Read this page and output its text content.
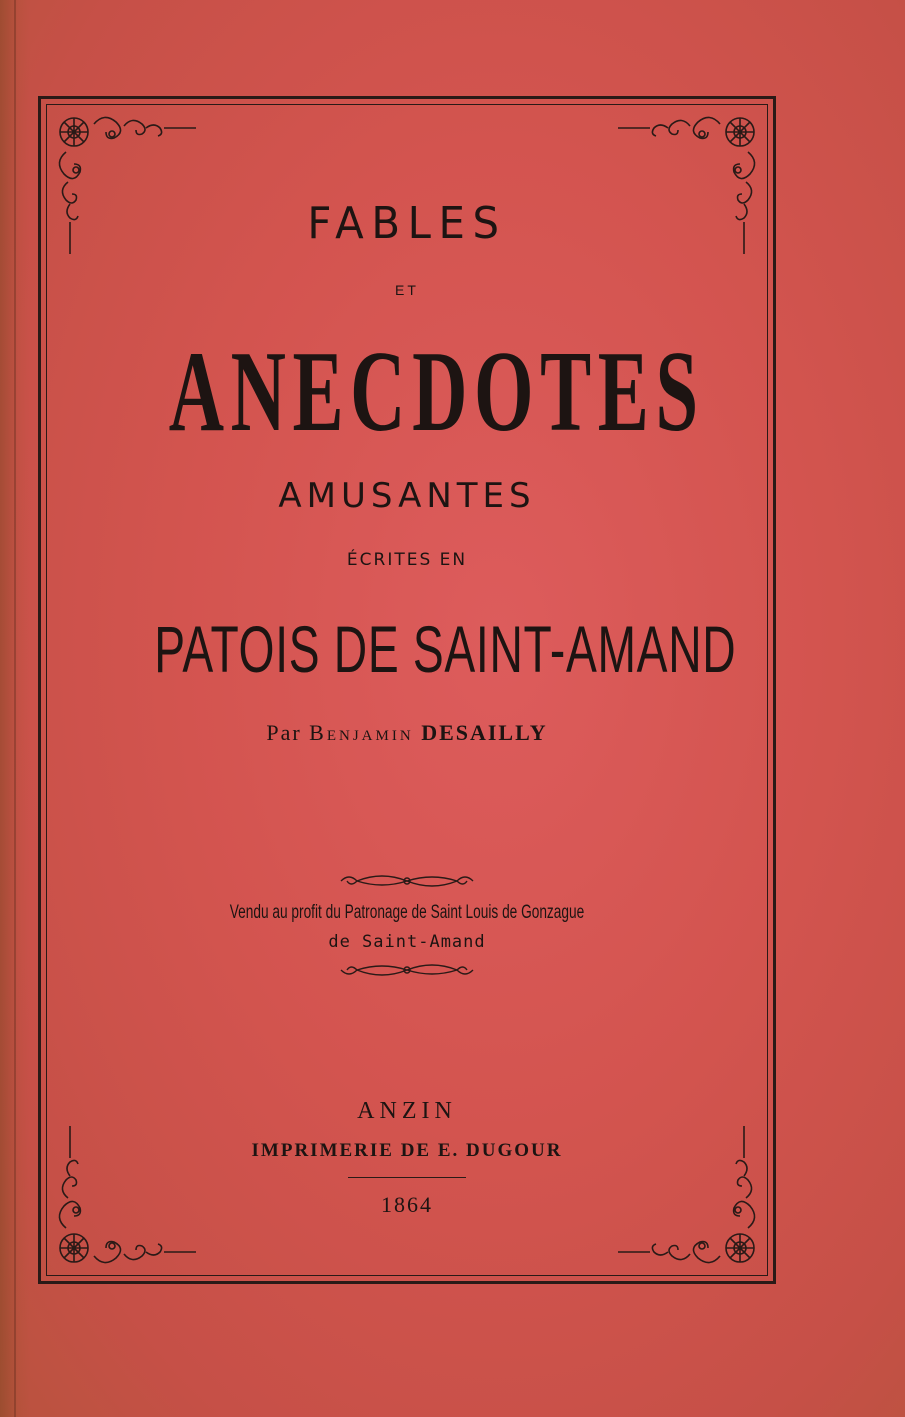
FABLES

ET

ANECDOTES

AMUSANTES

ÉCRITES EN

PATOIS DE SAINT-AMAND

Par Benjamin DESAILLY

Vendu au profit du Patronage de Saint Louis de Gonzague

de Saint-Amand

ANZIN

IMPRIMERIE DE E. DUGOUR

1864
